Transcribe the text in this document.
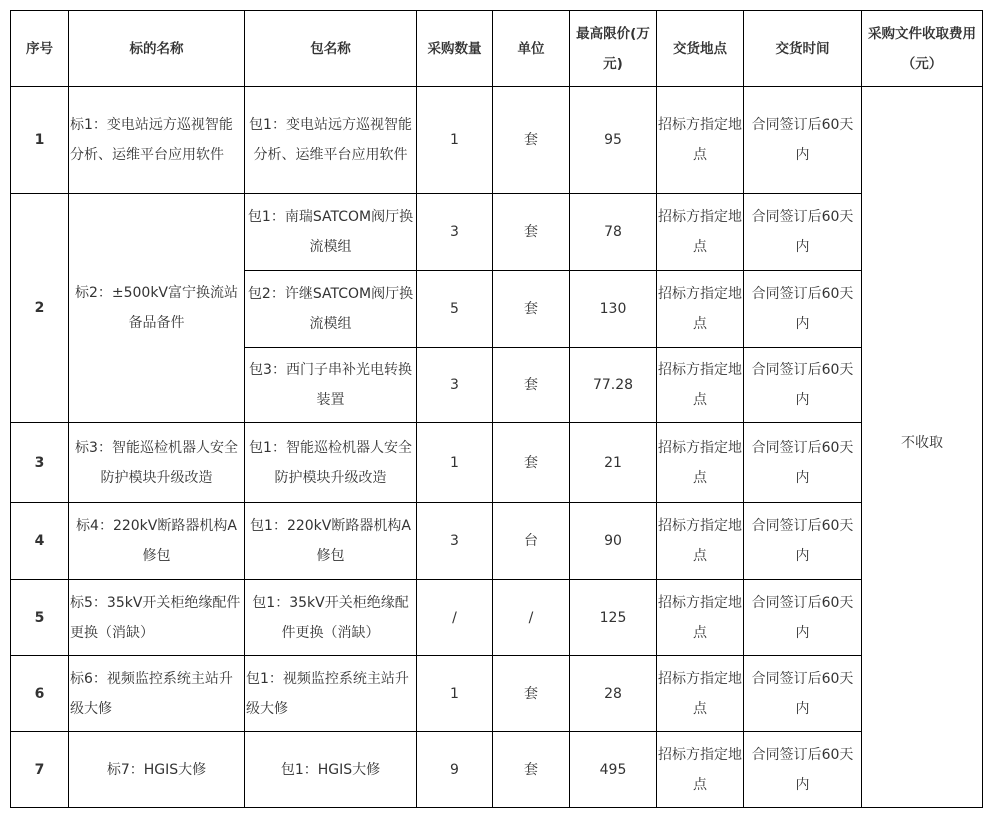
序号	标的名称	包名称	采购数量	单位	最高限价(万元)	交货地点	交货时间	采购文件收取费用（元）
1	标1：变电站远方巡视智能分析、运维平台应用软件	包1：变电站远方巡视智能分析、运维平台应用软件	1	套	95	招标方指定地点	合同签订后60天内	不收取
2	标2：±500kV富宁换流站备品备件	包1：南瑞SATCOM阀厅换流模组	3	套	78	招标方指定地点	合同签订后60天内	
		包2：许继SATCOM阀厅换流模组	5	套	130	招标方指定地点	合同签订后60天内	
		包3：西门子串补光电转换装置	3	套	77.28	招标方指定地点	合同签订后60天内	
3	标3：智能巡检机器人安全防护模块升级改造	包1：智能巡检机器人安全防护模块升级改造	1	套	21	招标方指定地点	合同签订后60天内	
4	标4：220kV断路器机构A修包	包1：220kV断路器机构A修包	3	台	90	招标方指定地点	合同签订后60天内	
5	标5：35kV开关柜绝缘配件更换（消缺）	包1：35kV开关柜绝缘配件更换（消缺）	/	/	125	招标方指定地点	合同签订后60天内	
6	标6：视频监控系统主站升级大修	包1：视频监控系统主站升级大修	1	套	28	招标方指定地点	合同签订后60天内	
7	标7：HGIS大修	包1：HGIS大修	9	套	495	招标方指定地点	合同签订后60天内	
